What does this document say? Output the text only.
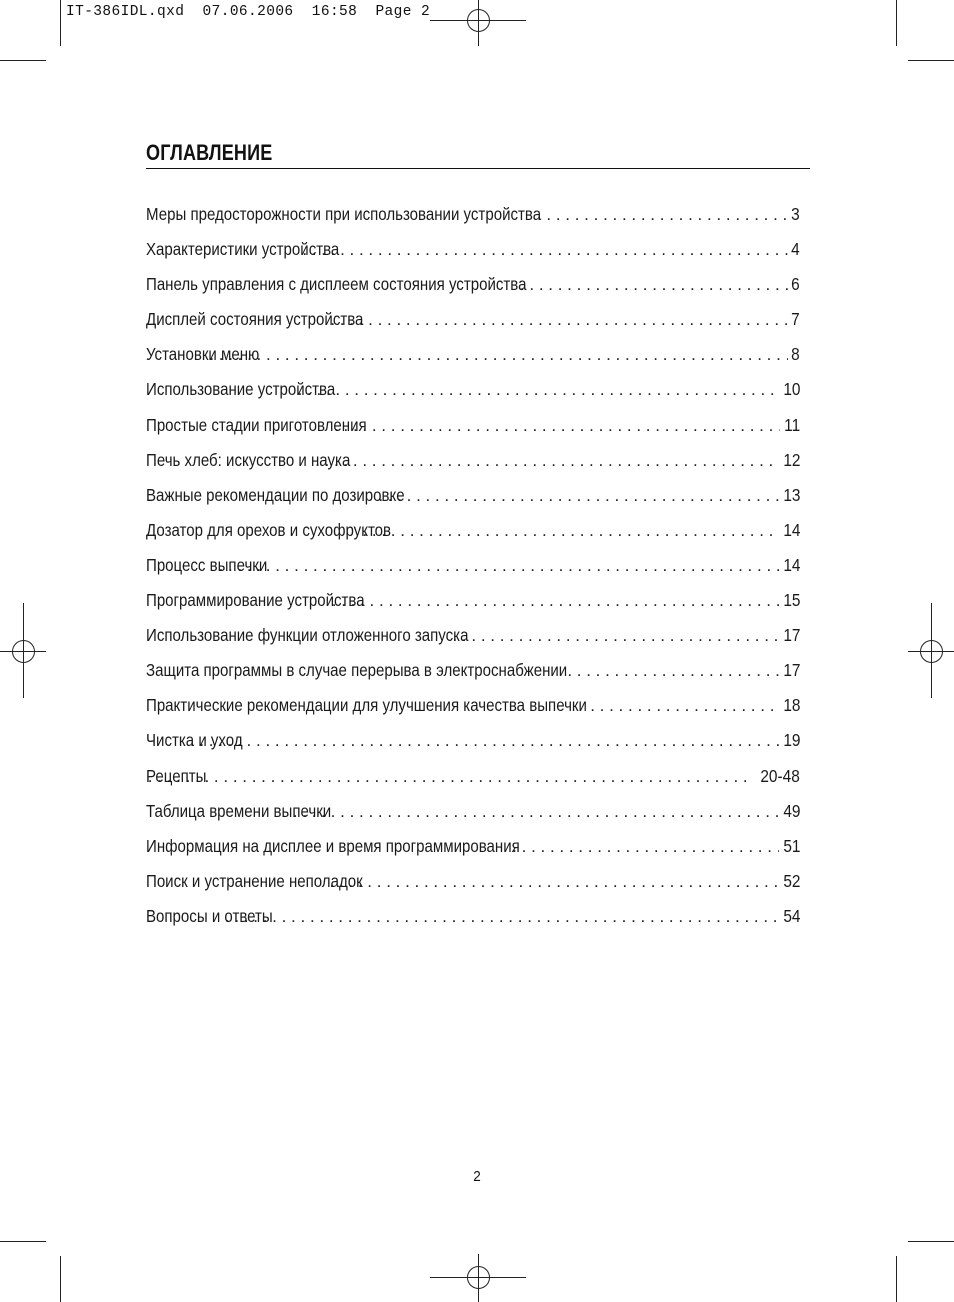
IT-386IDL.qxd  07.06.2006  16:58  Page 2
ОГЛАВЛЕНИЕ
Меры предосторожности при использовании устройства . . .	3
Характеристики устройства . . .	4
Панель управления с дисплеем состояния устройства . . .	6
Дисплей состояния устройства . . .	7
Установки меню . . .	8
Использование устройства . . .	10
Простые стадии приготовления . . .	11
Печь хлеб: искусство и наука . . .	12
Важные рекомендации по дозировке . . .	13
Дозатор для орехов и сухофруктов . . .	14
Процесс выпечки . . .	14
Программирование устройства . . .	15
Использование функции отложенного запуска . . .	17
Защита программы в случае перерыва в электроснабжении . . .	17
Практические рекомендации для улучшения качества выпечки . . .	18
Чистка и уход . . .	19
Рецепты . . .	20-48
Таблица времени выпечки . . .	49
Информация на дисплее и время программирования . . .	51
Поиск и устранение неполадок . . .	52
Вопросы и ответы . . .	54
2
